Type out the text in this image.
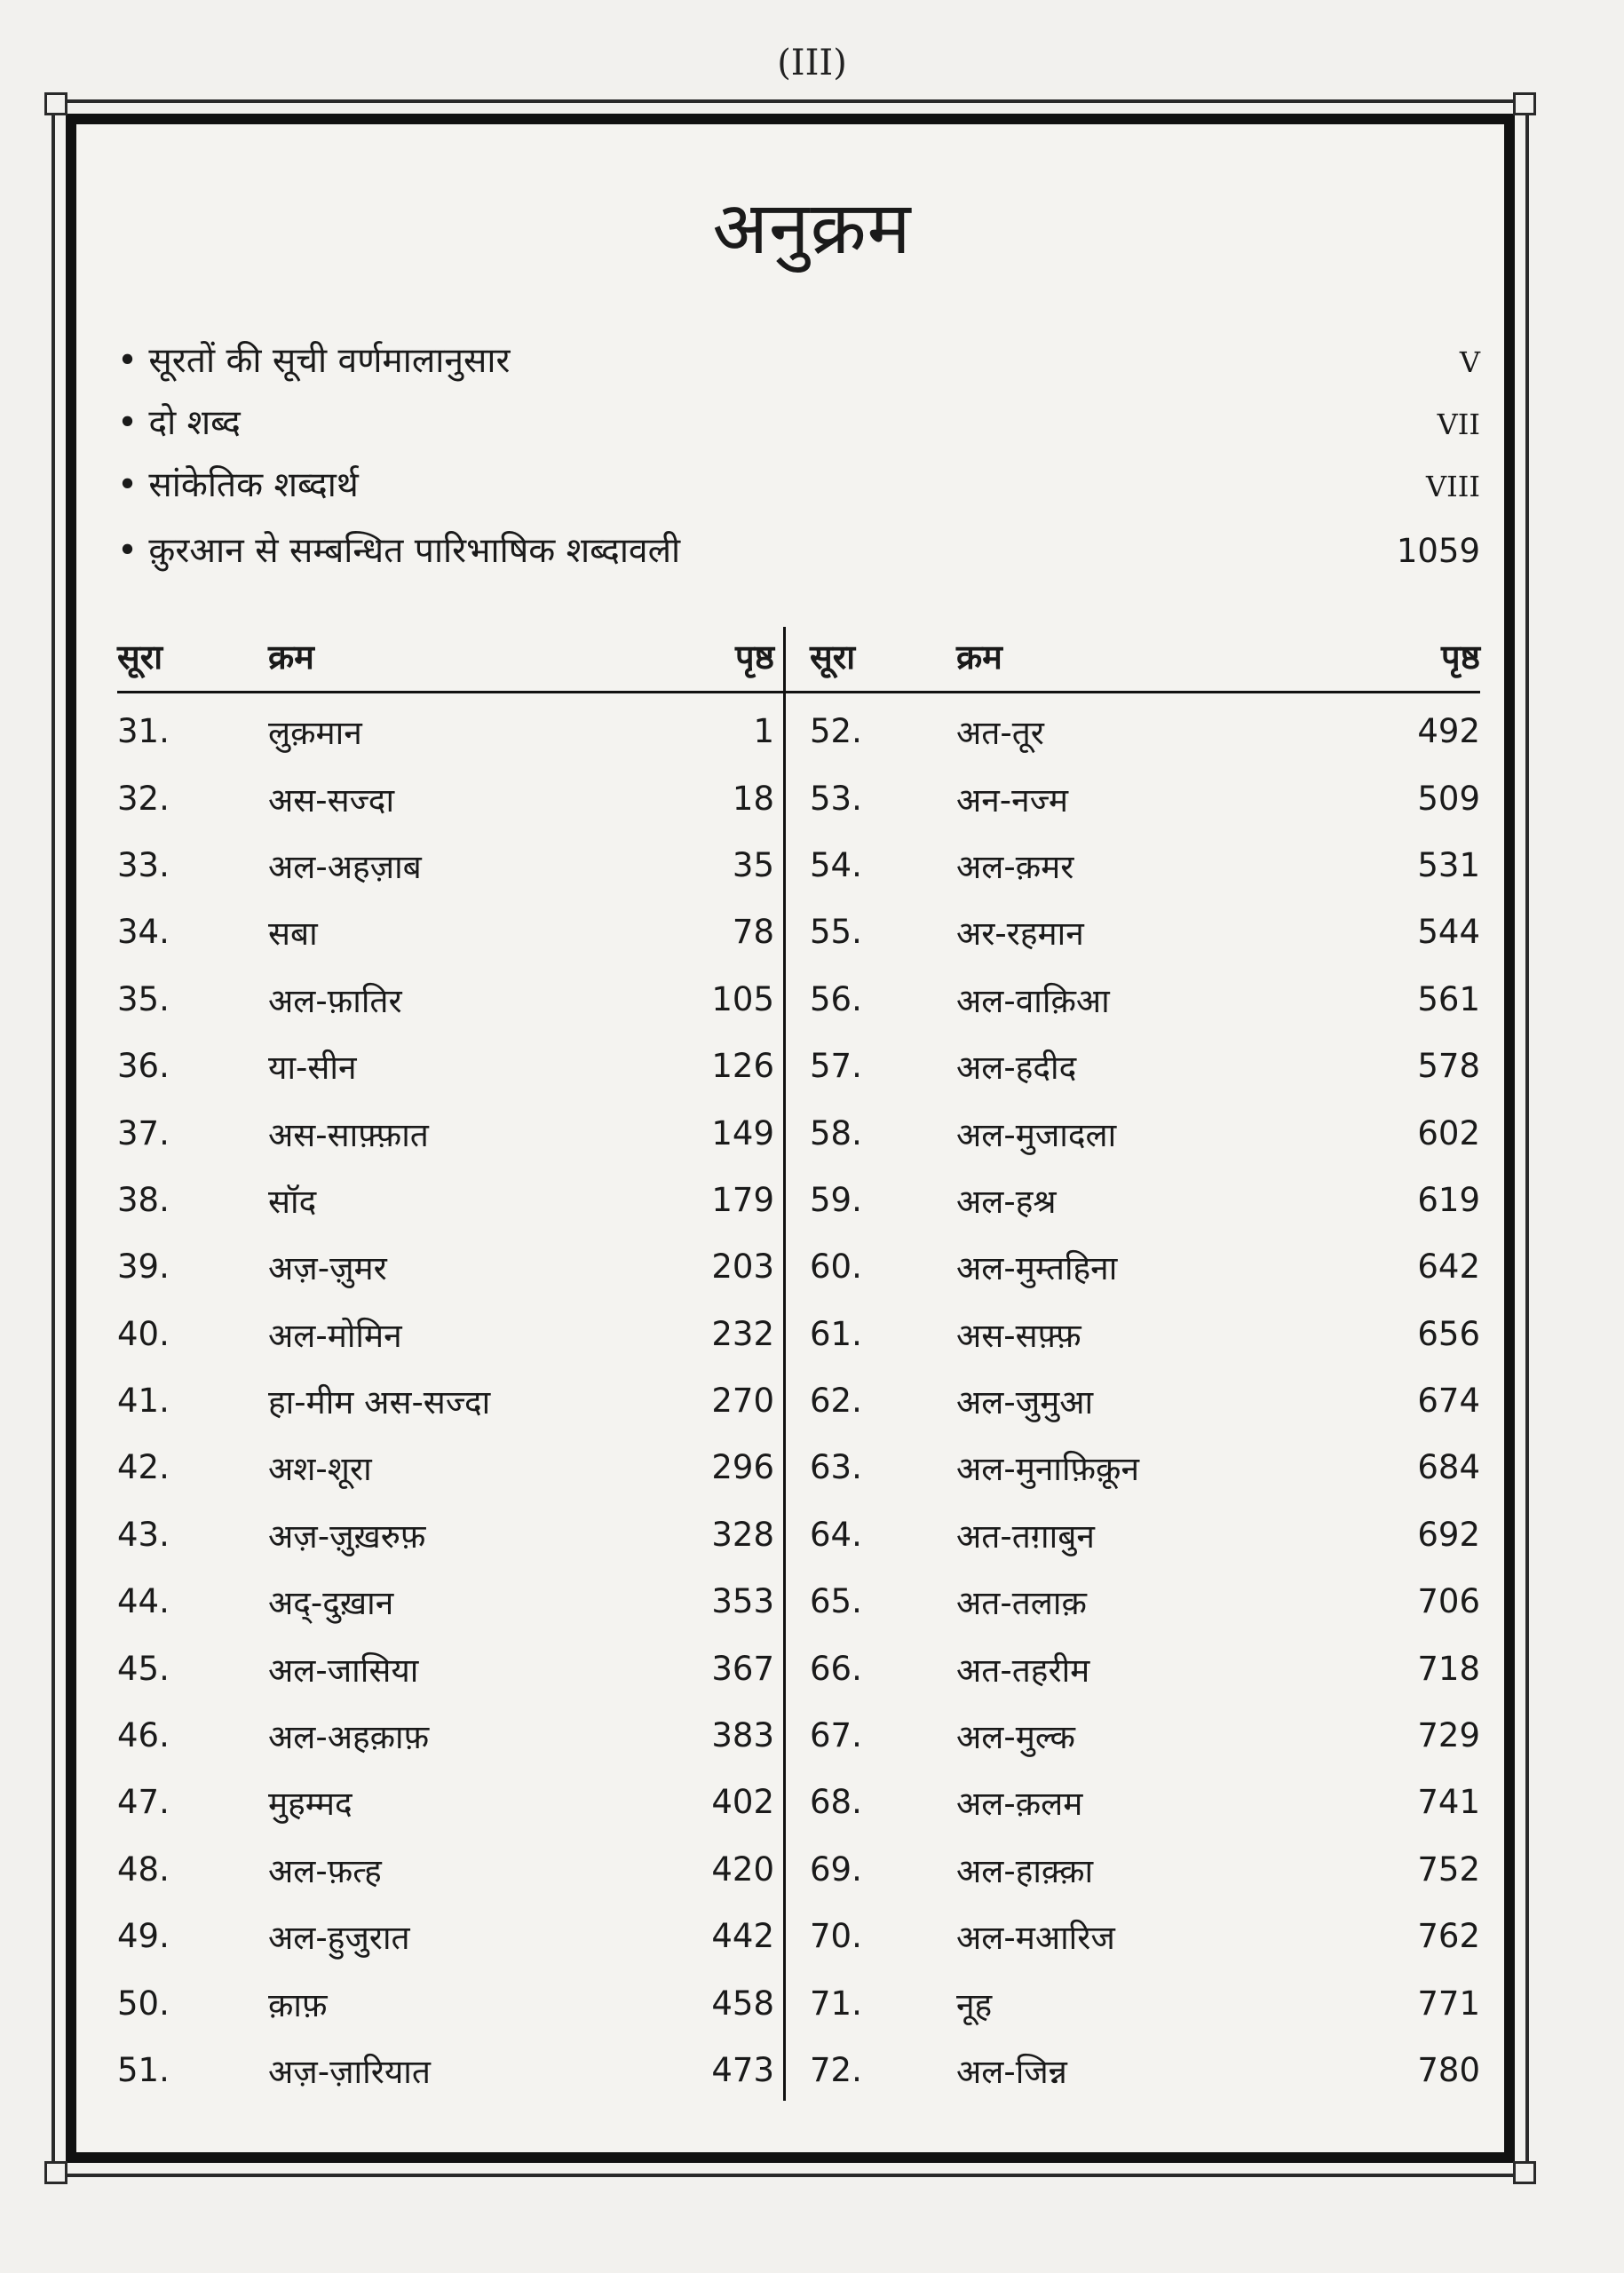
(III)
अनुक्रम
• सूरतों की सूची वर्णमालानुसार	V
• दो शब्द	VII
• सांकेतिक शब्दार्थ	VIII
• क़ुरआन से सम्बन्धित पारिभाषिक शब्दावली	1059
सूरा	क्रम	पृष्ठ
31.	लुक़मान	1
32.	अस-सज्दा	18
33.	अल-अहज़ाब	35
34.	सबा	78
35.	अल-फ़ातिर	105
36.	या-सीन	126
37.	अस-साफ़्फ़ात	149
38.	सॉद	179
39.	अज़-ज़ुमर	203
40.	अल-मोमिन	232
41.	हा-मीम अस-सज्दा	270
42.	अश-शूरा	296
43.	अज़-ज़ुख़रुफ़	328
44.	अद्-दुख़ान	353
45.	अल-जासिया	367
46.	अल-अहक़ाफ़	383
47.	मुहम्मद	402
48.	अल-फ़त्ह	420
49.	अल-हुजुरात	442
50.	क़ाफ़	458
51.	अज़-ज़ारियात	473
सूरा	क्रम	पृष्ठ
52.	अत-तूर	492
53.	अन-नज्म	509
54.	अल-क़मर	531
55.	अर-रहमान	544
56.	अल-वाक़िआ	561
57.	अल-हदीद	578
58.	अल-मुजादला	602
59.	अल-हश्र	619
60.	अल-मुम्तहिना	642
61.	अस-सफ़्फ़	656
62.	अल-जुमुआ	674
63.	अल-मुनाफ़िक़ून	684
64.	अत-तग़ाबुन	692
65.	अत-तलाक़	706
66.	अत-तहरीम	718
67.	अल-मुल्क	729
68.	अल-क़लम	741
69.	अल-हाक़्क़ा	752
70.	अल-मआरिज	762
71.	नूह	771
72.	अल-जिन्न	780
